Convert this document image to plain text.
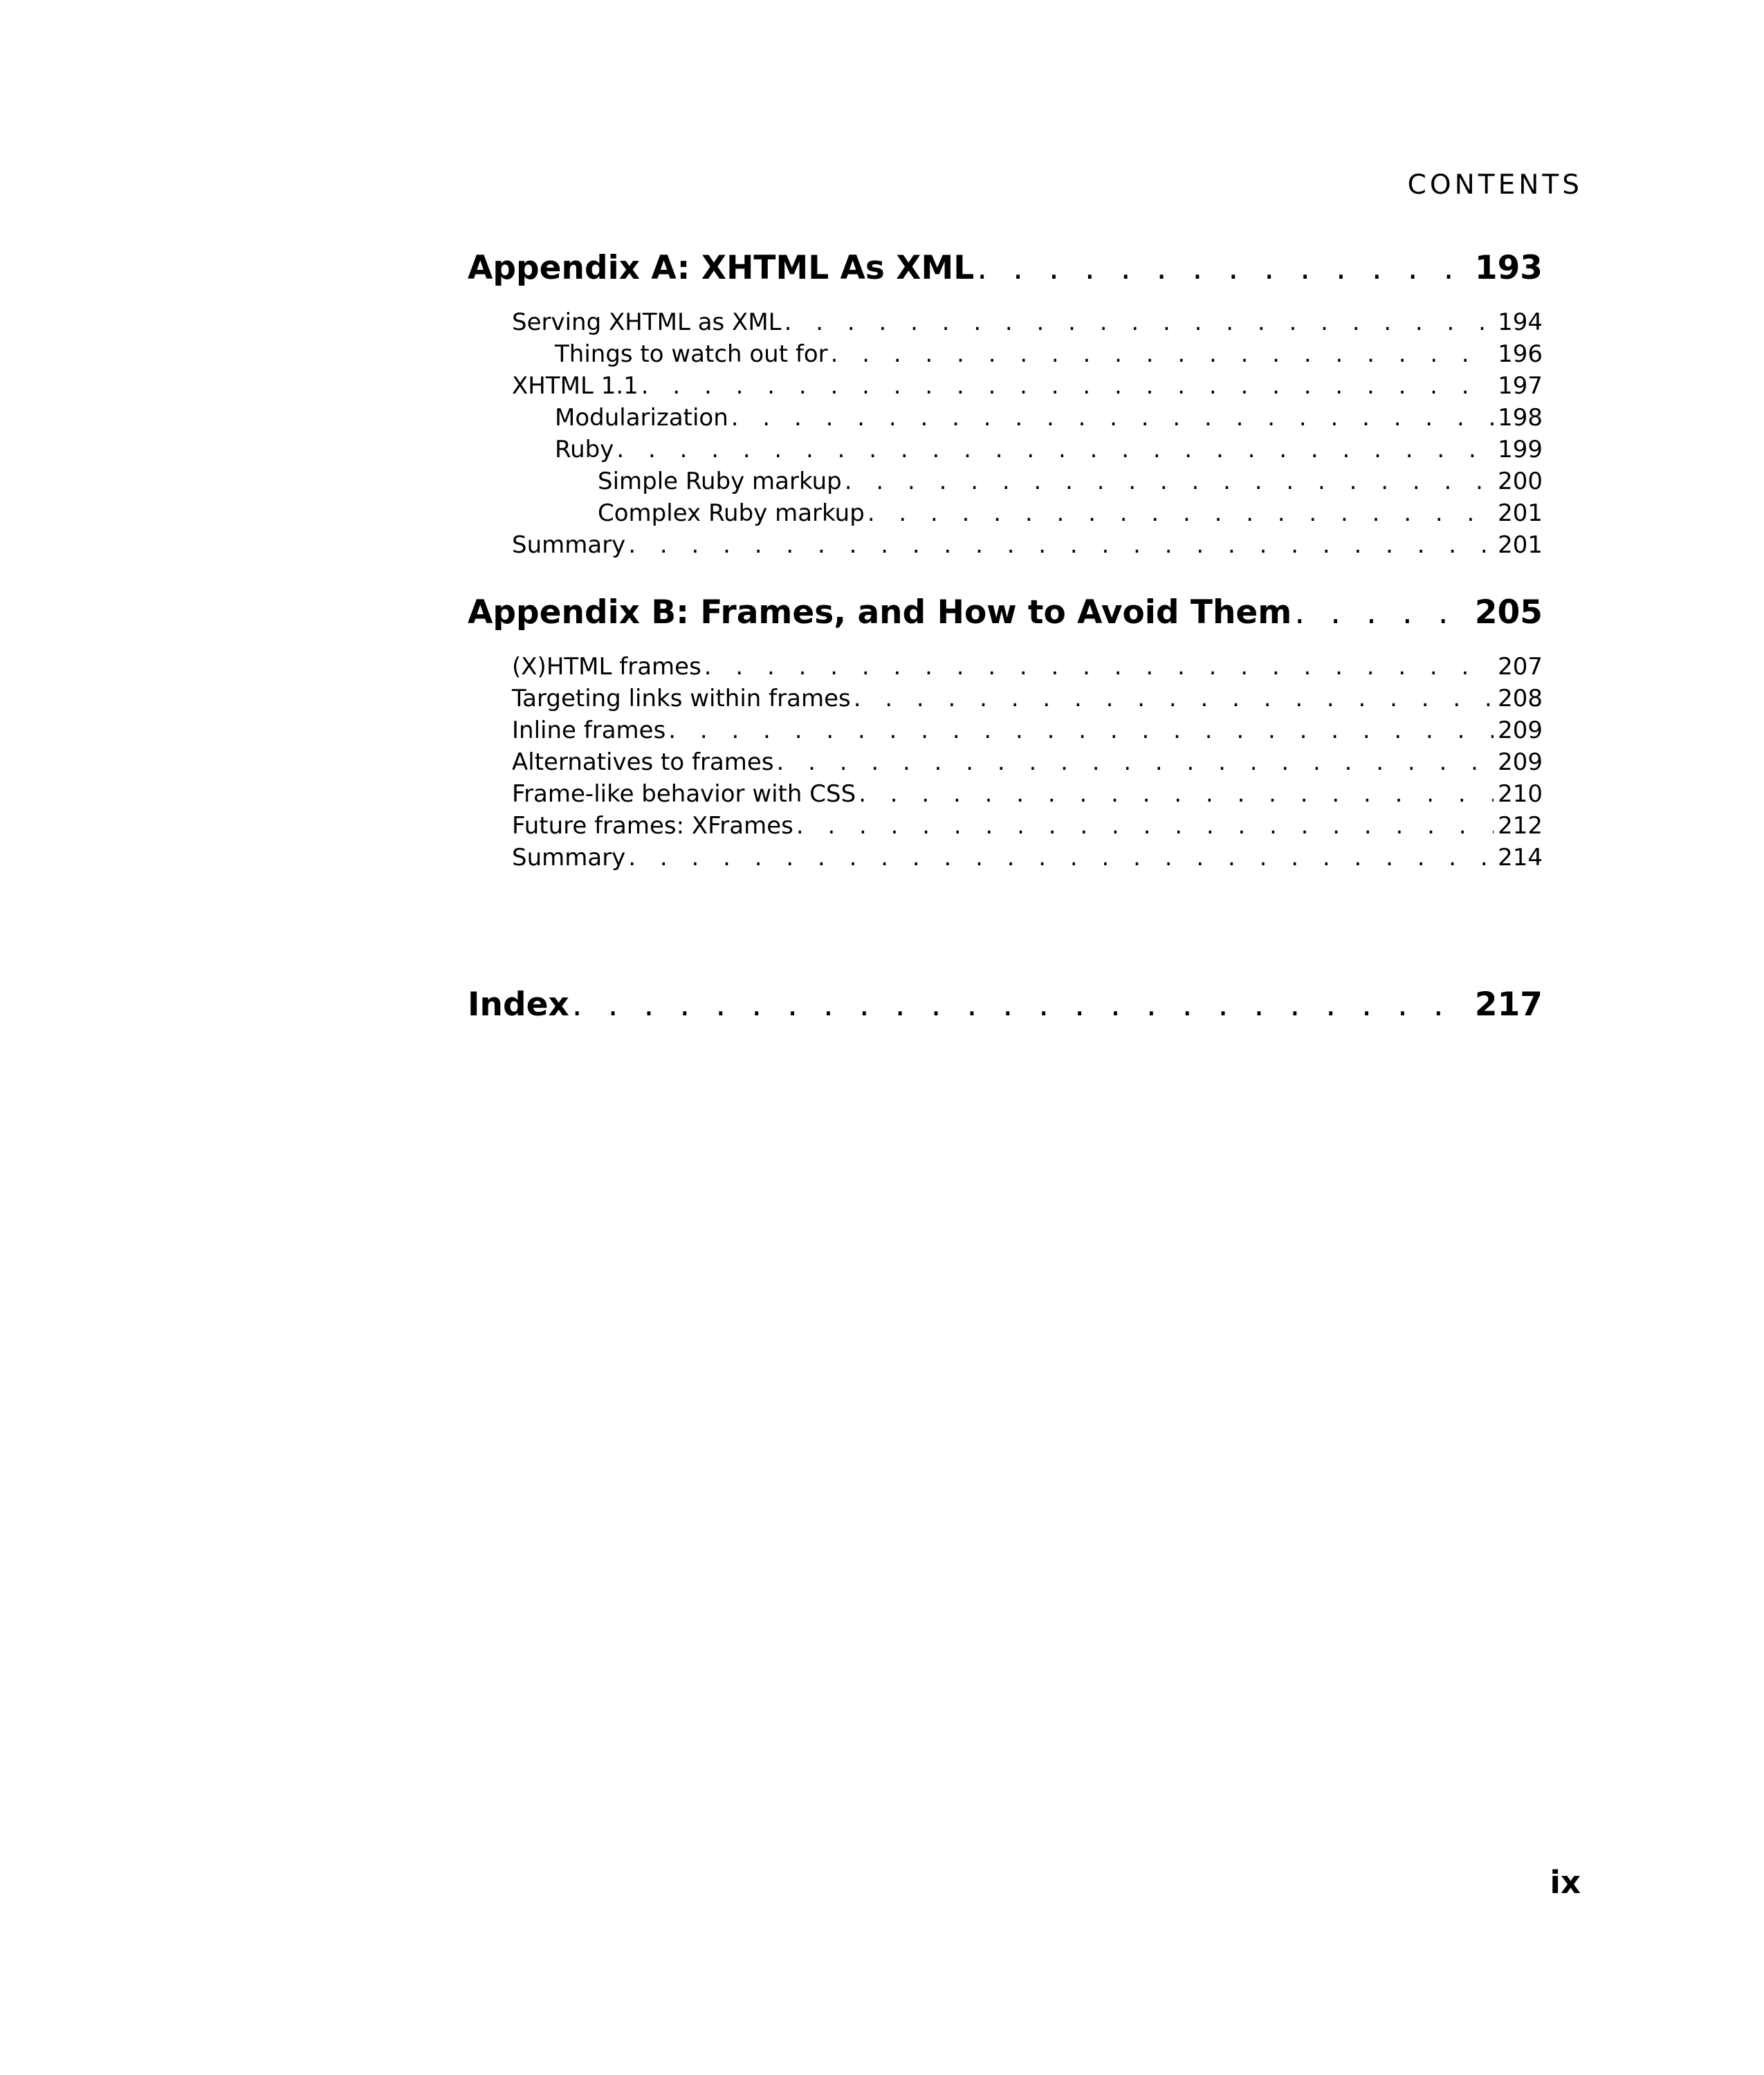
CONTENTS
Appendix A: XHTML As XML . . .	193
Serving XHTML as XML . . .	194
Things to watch out for . . .	196
XHTML 1.1 . . .	197
Modularization . . .	198
Ruby . . .	199
Simple Ruby markup . . .	200
Complex Ruby markup . . .	201
Summary . . .	201
Appendix B: Frames, and How to Avoid Them . . .	205
(X)HTML frames . . .	207
Targeting links within frames . . .	208
Inline frames . . .	209
Alternatives to frames . . .	209
Frame-like behavior with CSS . . .	210
Future frames: XFrames . . .	212
Summary . . .	214
Index . . .	217
ix
